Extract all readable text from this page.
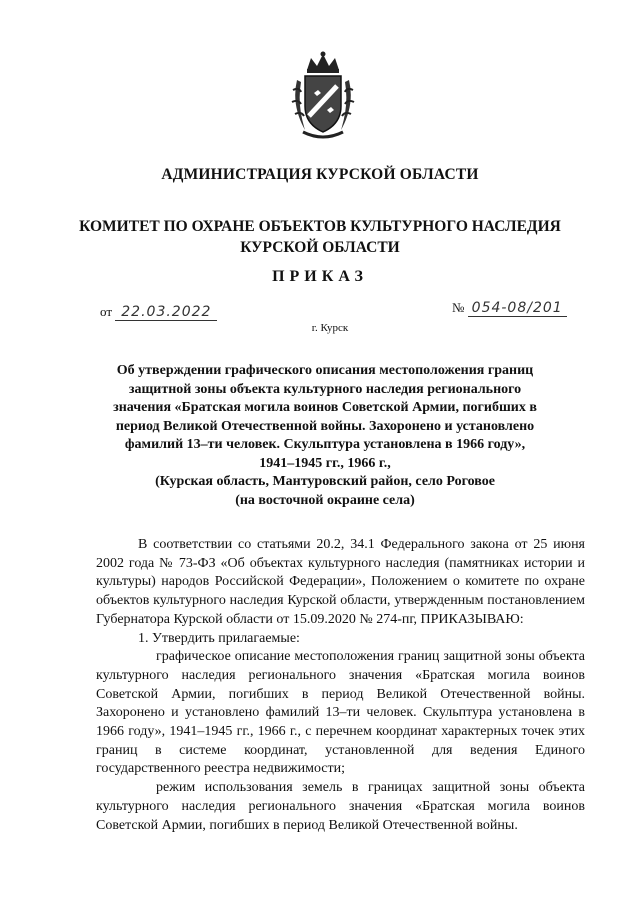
АДМИНИСТРАЦИЯ КУРСКОЙ ОБЛАСТИ
КОМИТЕТ ПО ОХРАНЕ ОБЪЕКТОВ КУЛЬТУРНОГО НАСЛЕДИЯ
КУРСКОЙ ОБЛАСТИ
ПРИКАЗ
от 22.03.2022	№ 054-08/201
г. Курск
Об утверждении графического описания местоположения границ
защитной зоны объекта культурного наследия регионального
значения «Братская могила воинов Советской Армии, погибших в
период Великой Отечественной войны. Захоронено и установлено
фамилий 13–ти человек. Скульптура установлена в 1966 году»,
1941–1945 гг., 1966 г.,
(Курская область, Мантуровский район, село Роговое
(на восточной окраине села)

В соответствии со статьями 20.2, 34.1 Федерального закона от 25 июня 2002 года № 73-ФЗ «Об объектах культурного наследия (памятниках истории и культуры) народов Российской Федерации», Положением о комитете по охране объектов культурного наследия Курской области, утвержденным постановлением Губернатора Курской области от 15.09.2020 № 274-пг, ПРИКАЗЫВАЮ:

1. Утвердить прилагаемые:

графическое описание местоположения границ защитной зоны объекта культурного наследия регионального значения «Братская могила воинов Советской Армии, погибших в период Великой Отечественной войны. Захоронено и установлено фамилий 13–ти человек. Скульптура установлена в 1966 году», 1941–1945 гг., 1966 г., с перечнем координат характерных точек этих границ в системе координат, установленной для ведения Единого государственного реестра недвижимости;

режим использования земель в границах защитной зоны объекта культурного наследия регионального значения «Братская могила воинов Советской Армии, погибших в период Великой Отечественной войны.
